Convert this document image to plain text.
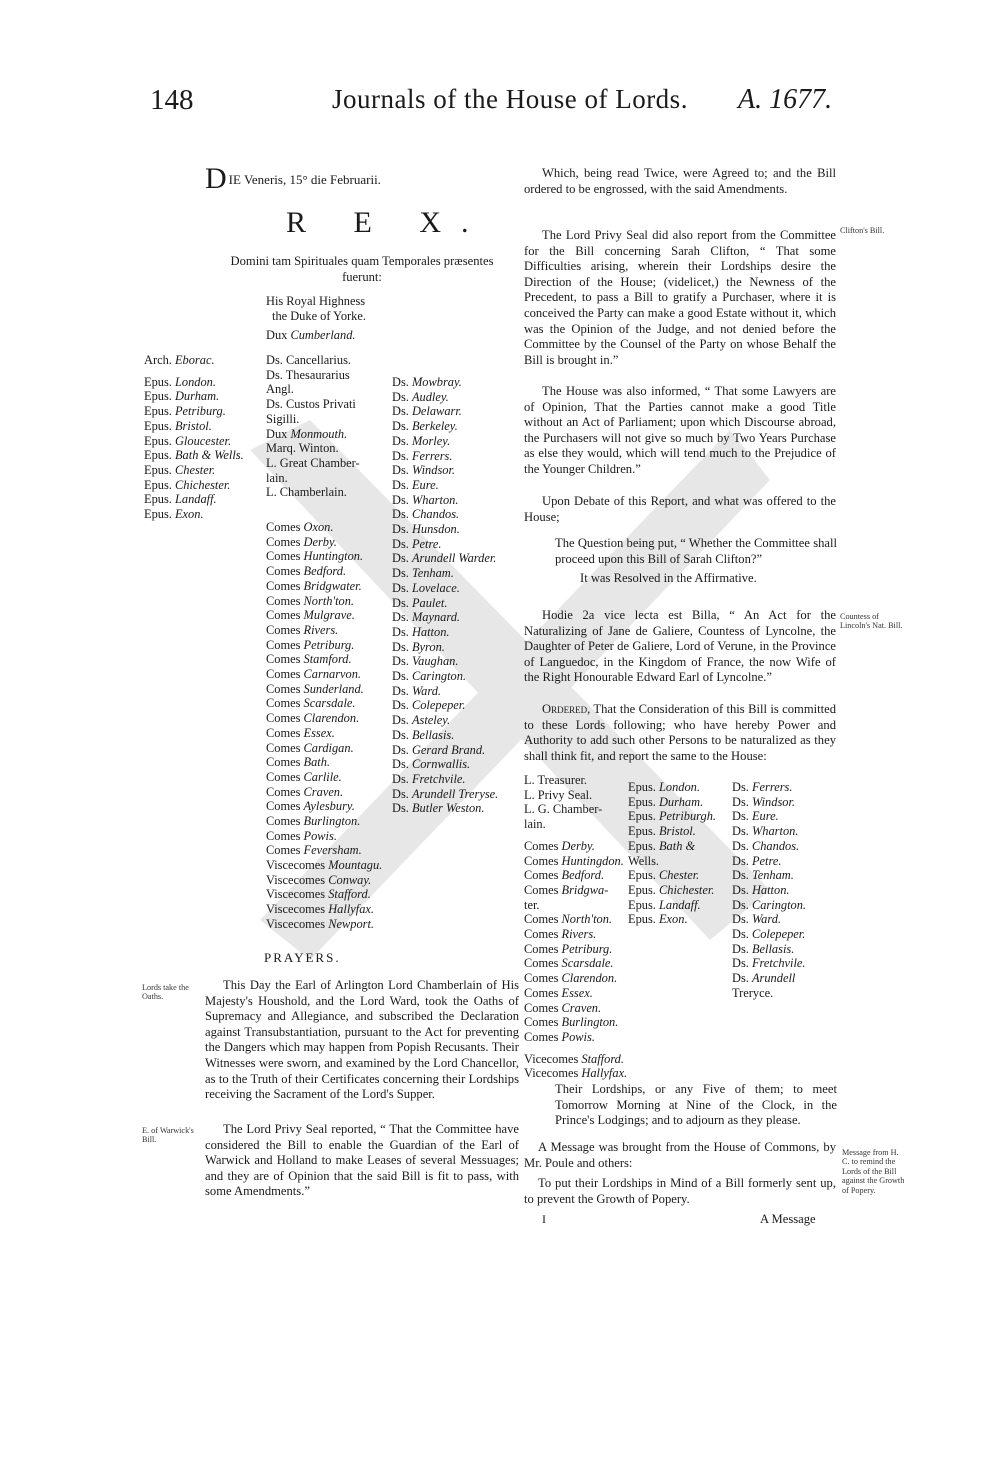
148	Journals of the House of Lords. A. 1677.
D IE Veneris, 15° die Februarii.
R E X.
Domini tam Spirituales quam Temporales præsentes
fuerunt:
His Royal Highness
the Duke of Yorke.
Dux Cumberland.
Arch. Eborac.
Epus. London.
Epus. Durham.
Epus. Petriburg.
Epus. Bristol.
Epus. Gloucester.
Epus. Bath & Wells.
Epus. Chester.
Epus. Chichester.
Epus. Landaff.
Epus. Exon.
Ds. Cancellarius.
Ds. Thesaurarius
Angl.
Ds. Custos Privati
Sigilli.
Dux Monmouth.
Marq. Winton.
L. Great Chamber-
lain.
L. Chamberlain.
Comes Oxon.
Comes Derby.
Comes Huntington.
Comes Bedford.
Comes Bridgwater.
Comes North'ton.
Comes Mulgrave.
Comes Rivers.
Comes Petriburg.
Comes Stamford.
Comes Carnarvon.
Comes Sunderland.
Comes Scarsdale.
Comes Clarendon.
Comes Essex.
Comes Cardigan.
Comes Bath.
Comes Carlile.
Comes Craven.
Comes Aylesbury.
Comes Burlington.
Comes Powis.
Comes Feversham.
Viscecomes Mountagu.
Viscecomes Conway.
Viscecomes Stafford.
Viscecomes Hallyfax.
Viscecomes Newport.
Ds. Mowbray.
Ds. Audley.
Ds. Delawarr.
Ds. Berkeley.
Ds. Morley.
Ds. Ferrers.
Ds. Windsor.
Ds. Eure.
Ds. Wharton.
Ds. Chandos.
Ds. Hunsdon.
Ds. Petre.
Ds. Arundell Warder.
Ds. Tenham.
Ds. Lovelace.
Ds. Paulet.
Ds. Maynard.
Ds. Hatton.
Ds. Byron.
Ds. Vaughan.
Ds. Carington.
Ds. Ward.
Ds. Colepeper.
Ds. Asteley.
Ds. Bellasis.
Ds. Gerard Brand.
Ds. Cornwallis.
Ds. Fretchvile.
Ds. Arundell Treryse.
Ds. Butler Weston.
PRAYERS.
Lords take the Oaths.
This Day the Earl of Arlington Lord Chamberlain of His Majesty's Houshold, and the Lord Ward, took the Oaths of Supremacy and Allegiance, and subscribed the Declaration against Transubstantiation, pursuant to the Act for preventing the Dangers which may happen from Popish Recusants. Their Witnesses were sworn, and examined by the Lord Chancellor, as to the Truth of their Certificates concerning their Lordships receiving the Sacrament of the Lord's Supper.
E. of Warwick's Bill.
The Lord Privy Seal reported, “ That the Committee have considered the Bill to enable the Guardian of the Earl of Warwick and Holland to make Leases of several Messuages; and they are of Opinion that the said Bill is fit to pass, with some Amendments.”
Which, being read Twice, were Agreed to; and the Bill ordered to be engrossed, with the said Amendments.
Clifton's Bill.
The Lord Privy Seal did also report from the Committee for the Bill concerning Sarah Clifton, “ That some Difficulties arising, wherein their Lordships desire the Direction of the House; (videlicet,) the Newness of the Precedent, to pass a Bill to gratify a Purchaser, where it is conceived the Party can make a good Estate without it, which was the Opinion of the Judge, and not denied before the Committee by the Counsel of the Party on whose Behalf the Bill is brought in.”
The House was also informed, “ That some Lawyers are of Opinion, That the Parties cannot make a good Title without an Act of Parliament; upon which Discourse abroad, the Purchasers will not give so much by Two Years Purchase as else they would, which will tend much to the Prejudice of the Younger Children.”
Upon Debate of this Report, and what was offered to the House;
The Question being put, “ Whether the Committee shall proceed upon this Bill of Sarah Clifton?”
It was Resolved in the Affirmative.
Countess of Lincoln's Nat. Bill.
Hodie 2a vice lecta est Billa, “ An Act for the Naturalizing of Jane de Galiere, Countess of Lyncolne, the Daughter of Peter de Galiere, Lord of Verune, in the Province of Languedoc, in the Kingdom of France, the now Wife of the Right Honourable Edward Earl of Lyncolne.”
Ordered, That the Consideration of this Bill is committed to these Lords following; who have hereby Power and Authority to add such other Persons to be naturalized as they shall think fit, and report the same to the House:
L. Treasurer.
L. Privy Seal.
L. G. Chamber-
lain.
Comes Derby.
Comes Huntingdon.
Comes Bedford.
Comes Bridgwa-
ter.
Comes North'ton.
Comes Rivers.
Comes Petriburg.
Comes Scarsdale.
Comes Clarendon.
Comes Essex.
Comes Craven.
Comes Burlington.
Comes Powis.
Vicecomes Stafford.
Vicecomes Hallyfax.
Epus. London.
Epus. Durham.
Epus. Petriburgh.
Epus. Bristol.
Epus. Bath &
Wells.
Epus. Chester.
Epus. Chichester.
Epus. Landaff.
Epus. Exon.
Ds. Ferrers.
Ds. Windsor.
Ds. Eure.
Ds. Wharton.
Ds. Chandos.
Ds. Petre.
Ds. Tenham.
Ds. Hatton.
Ds. Carington.
Ds. Ward.
Ds. Colepeper.
Ds. Bellasis.
Ds. Fretchvile.
Ds. Arundell
Treryce.
Their Lordships, or any Five of them; to meet Tomorrow Morning at Nine of the Clock, in the Prince's Lodgings; and to adjourn as they please.
Message from H. C. to remind the Lords of the Bill against the Growth of Popery.
A Message was brought from the House of Commons, by Mr. Poule and others:
To put their Lordships in Mind of a Bill formerly sent up, to prevent the Growth of Popery.
I	A Message
